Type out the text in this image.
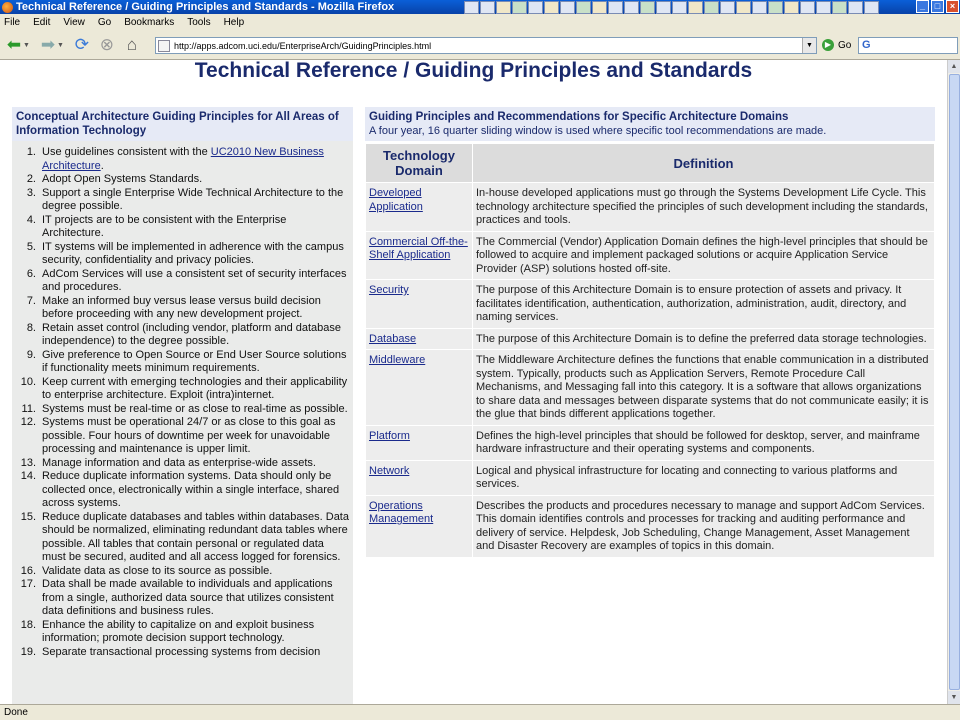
Technical Reference / Guiding Principles and Standards - Mozilla Firefox	_	□	×
File Edit View Go Bookmarks Tools Help
⬅ ▼ ➡ ▼ ⟳ ⊗ ⌂	http://apps.adcom.uci.edu/EnterpriseArch/GuidingPrinciples.html	▼	▶ Go G
Technical Reference / Guiding Principles and Standards
Conceptual Architecture Guiding Principles for All Areas of Information Technology
1. Use guidelines consistent with the UC2010 New Business Architecture.
2. Adopt Open Systems Standards.
3. Support a single Enterprise Wide Technical Architecture to the degree possible.
4. IT projects are to be consistent with the Enterprise Architecture.
5. IT systems will be implemented in adherence with the campus security, confidentiality and privacy policies.
6. AdCom Services will use a consistent set of security interfaces and procedures.
7. Make an informed buy versus lease versus build decision before proceeding with any new development project.
8. Retain asset control (including vendor, platform and database independence) to the degree possible.
9. Give preference to Open Source or End User Source solutions if functionality meets minimum requirements.
10. Keep current with emerging technologies and their applicability to enterprise architecture. Exploit (intra)internet.
11. Systems must be real-time or as close to real-time as possible.
12. Systems must be operational 24/7 or as close to this goal as possible. Four hours of downtime per week for unavoidable processing and maintenance is upper limit.
13. Manage information and data as enterprise-wide assets.
14. Reduce duplicate information systems. Data should only be collected once, electronically within a single interface, shared across systems.
15. Reduce duplicate databases and tables within databases. Data should be normalized, eliminating redundant data tables where possible. All tables that contain personal or regulated data must be secured, audited and all access logged for forensics.
16. Validate data as close to its source as possible.
17. Data shall be made available to individuals and applications from a single, authorized data source that utilizes consistent data definitions and business rules.
18. Enhance the ability to capitalize on and exploit business information; promote decision support technology.
19. Separate transactional processing systems from decision
Guiding Principles and Recommendations for Specific Architecture Domains
A four year, 16 quarter sliding window is used where specific tool recommendations are made.
Technology Domain	Definition
Developed Application	In-house developed applications must go through the Systems Development Life Cycle. This technology architecture specified the principles of such development including the standards, practices and tools.
Commercial Off-the-Shelf Application	The Commercial (Vendor) Application Domain defines the high-level principles that should be followed to acquire and implement packaged solutions or acquire Application Service Provider (ASP) solutions hosted off-site.
Security	The purpose of this Architecture Domain is to ensure protection of assets and privacy. It facilitates identification, authentication, authorization, administration, audit, directory, and naming services.
Database	The purpose of this Architecture Domain is to define the preferred data storage technologies.
Middleware	The Middleware Architecture defines the functions that enable communication in a distributed system. Typically, products such as Application Servers, Remote Procedure Call Mechanisms, and Messaging fall into this category. It is a software that allows organizations to share data and messages between disparate systems that do not communicate easily; it is the glue that binds different applications together.
Platform	Defines the high-level principles that should be followed for desktop, server, and mainframe hardware infrastructure and their operating systems and components.
Network	Logical and physical infrastructure for locating and connecting to various platforms and services.
Operations Management	Describes the products and procedures necessary to manage and support AdCom Services. This domain identifies controls and processes for tracking and auditing performance and delivery of service. Helpdesk, Job Scheduling, Change Management, Asset Management and Disaster Recovery are examples of topics in this domain.
▲
▼
Done
